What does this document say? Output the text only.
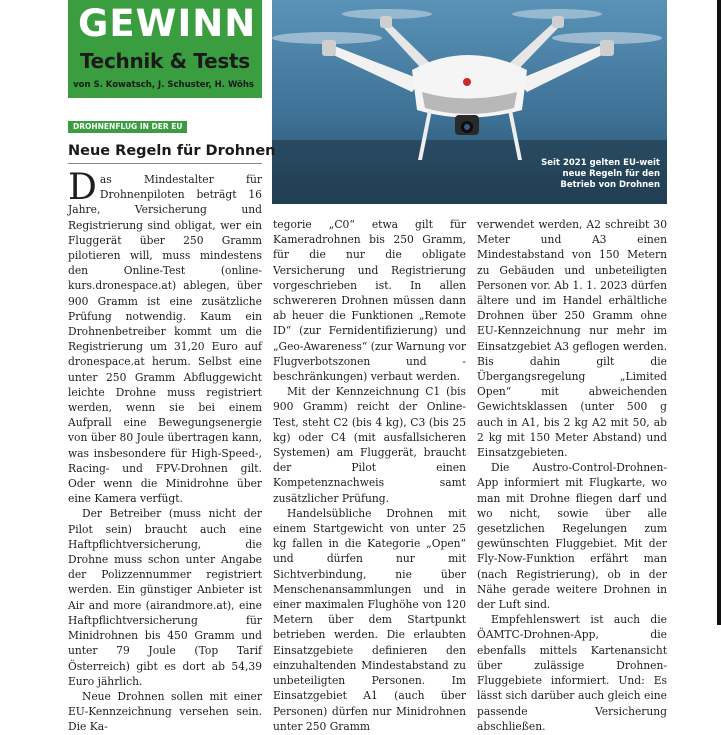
GEWINN
Technik & Tests
von S. Kowatsch, J. Schuster, H. Wöhs
Seit 2021 gelten EU-weit neue Regeln für den Betrieb von Drohnen
DROHNENFLUG IN DER EU
Neue Regeln für Drohnen

Das Mindestalter für Drohnenpiloten beträgt 16 Jahre, Versicherung und Registrierung sind obligat, wer ein Fluggerät über 250 Gramm pilotieren will, muss mindestens den Online-Test (online-kurs.dronespace.at) ablegen, über 900 Gramm ist eine zusätzliche Prüfung notwendig. Kaum ein Drohnenbetreiber kommt um die Registrierung um 31,20 Euro auf dronespace.at herum. Selbst eine unter 250 Gramm Abfluggewicht leichte Drohne muss registriert werden, wenn sie bei einem Aufprall eine Bewegungsenergie von über 80 Joule übertragen kann, was insbesondere für High-Speed-, Racing- und FPV-Drohnen gilt. Oder wenn die Minidrohne über eine Kamera verfügt.

Der Betreiber (muss nicht der Pilot sein) braucht auch eine Haftpflichtversicherung, die Drohne muss schon unter Angabe der Polizzennummer registriert werden. Ein günstiger Anbieter ist Air and more (airandmore.at), eine Haftpflichtversicherung für Minidrohnen bis 450 Gramm und unter 79 Joule (Top Tarif Österreich) gibt es dort ab 54,39 Euro jährlich.

Neue Drohnen sollen mit einer EU-Kennzeichnung versehen sein. Die Ka-

tegorie „C0“ etwa gilt für Kameradrohnen bis 250 Gramm, für die nur die obligate Versicherung und Registrierung vorgeschrieben ist. In allen schwereren Drohnen müssen dann ab heuer die Funktionen „Remote ID“ (zur Fernidentifizierung) und „Geo-Awareness“ (zur Warnung vor Flugverbotszonen und -beschränkungen) verbaut werden.

Mit der Kennzeichnung C1 (bis 900 Gramm) reicht der Online-Test, steht C2 (bis 4 kg), C3 (bis 25 kg) oder C4 (mit ausfallsicheren Systemen) am Fluggerät, braucht der Pilot einen Kompetenznachweis samt zusätzlicher Prüfung.

Handelsübliche Drohnen mit einem Startgewicht von unter 25 kg fallen in die Kategorie „Open“ und dürfen nur mit Sichtverbindung, nie über Menschenansammlungen und in einer maximalen Flughöhe von 120 Metern über dem Startpunkt betrieben werden. Die erlaubten Einsatzgebiete definieren den einzuhaltenden Mindestabstand zu unbeteiligten Personen. Im Einsatzgebiet A1 (auch über Personen) dürfen nur Minidrohnen unter 250 Gramm

verwendet werden, A2 schreibt 30 Meter und A3 einen Mindestabstand von 150 Metern zu Gebäuden und unbeteiligten Personen vor. Ab 1. 1. 2023 dürfen ältere und im Handel erhältliche Drohnen über 250 Gramm ohne EU-Kennzeichnung nur mehr im Einsatzgebiet A3 geflogen werden. Bis dahin gilt die Übergangsregelung „Limited Open“ mit abweichenden Gewichtsklassen (unter 500 g auch in A1, bis 2 kg A2 mit 50, ab 2 kg mit 150 Meter Abstand) und Einsatzgebieten.

Die Austro-Control-Drohnen-App informiert mit Flugkarte, wo man mit Drohne fliegen darf und wo nicht, sowie über alle gesetzlichen Regelungen zum gewünschten Fluggebiet. Mit der Fly-Now-Funktion erfährt man (nach Registrierung), ob in der Nähe gerade weitere Drohnen in der Luft sind.

Empfehlenswert ist auch die ÖAMTC-Drohnen-App, die ebenfalls mittels Kartenansicht über zulässige Drohnen-Fluggebiete informiert. Und: Es lässt sich darüber auch gleich eine passende Versicherung abschließen.
